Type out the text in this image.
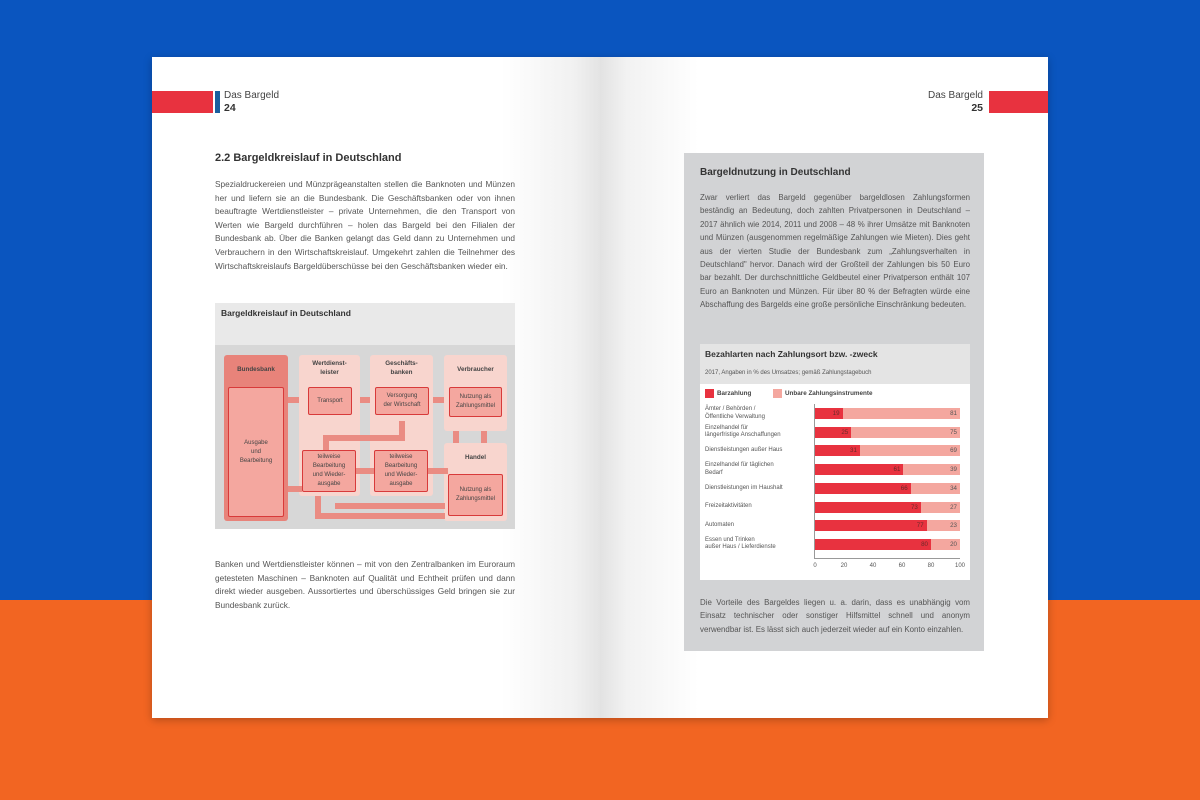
Das Bargeld
24
2.2 Bargeldkreislauf in Deutschland
Spezialdruckereien und Münzprägeanstalten stellen die Banknoten und Münzen her und liefern sie an die Bundesbank. Die Geschäftsbanken oder von ihnen beauftragte Wertdienstleister – private Unternehmen, die den Transport von Werten wie Bargeld durchführen – holen das Bargeld bei den Filialen der Bundesbank ab. Über die Banken gelangt das Geld dann zu Unternehmen und Verbrauchern in den Wirtschaftskreislauf. Umgekehrt zahlen die Teilnehmer des Wirtschaftskreislaufs Bargeldüberschüsse bei den Geschäftsbanken wieder ein.
Bargeldkreislauf in Deutschland
Bundesbank
Wertdienst-
leister
Geschäfts-
banken	Verbraucher
Handel
Ausgabe
und
Bearbeitung
Transport
Versorgung
der Wirtschaft
Nutzung als
Zahlungsmittel
teilweise
Bearbeitung
und Wieder-
ausgabe
teilweise
Bearbeitung
und Wieder-
ausgabe
Nutzung als
Zahlungsmittel
Banken und Wertdienstleister können – mit von den Zentralbanken im Euroraum getesteten Maschinen – Banknoten auf Qualität und Echtheit prüfen und dann direkt wieder ausgeben. Aussortiertes und überschüssiges Geld bringen sie zur Bundesbank zurück.
Das Bargeld
25
Bargeldnutzung in Deutschland
Zwar verliert das Bargeld gegenüber bargeldlosen Zahlungsformen beständig an Bedeutung, doch zahlten Privatpersonen in Deutschland – 2017 ähnlich wie 2014, 2011 und 2008 – 48 % ihrer Umsätze mit Banknoten und Münzen (ausgenommen regelmäßige Zahlungen wie Mieten). Dies geht aus der vierten Studie der Bundesbank zum „Zahlungsverhalten in Deutschland" hervor. Danach wird der Großteil der Zahlungen bis 50 Euro bar bezahlt. Der durchschnittliche Geldbeutel einer Privatperson enthält 107 Euro an Banknoten und Münzen. Für über 80 % der Befragten würde eine Abschaffung des Bargelds eine große persönliche Einschränkung bedeuten.
Bezahlarten nach Zahlungsort bzw. -zweck
2017, Angaben in % des Umsatzes; gemäß Zahlungstagebuch
Barzahlung	Unbare Zahlungsinstrumente
Ämter / Behörden /
Öffentliche Verwaltung	19	81
Einzelhandel für
längerfristige Anschaffungen	25	75
Dienstleistungen außer Haus	31	69
Einzelhandel für täglichen
Bedarf	61	39
Dienstleistungen im Haushalt	66	34
Freizeitaktivitäten	73	27
Automaten	77	23
Essen und Trinken
außer Haus / Lieferdienste	80	20
0	20	40	60	80	100
Die Vorteile des Bargeldes liegen u. a. darin, dass es unabhängig vom Einsatz technischer oder sonstiger Hilfsmittel schnell und anonym verwendbar ist. Es lässt sich auch jederzeit wieder auf ein Konto einzahlen.
